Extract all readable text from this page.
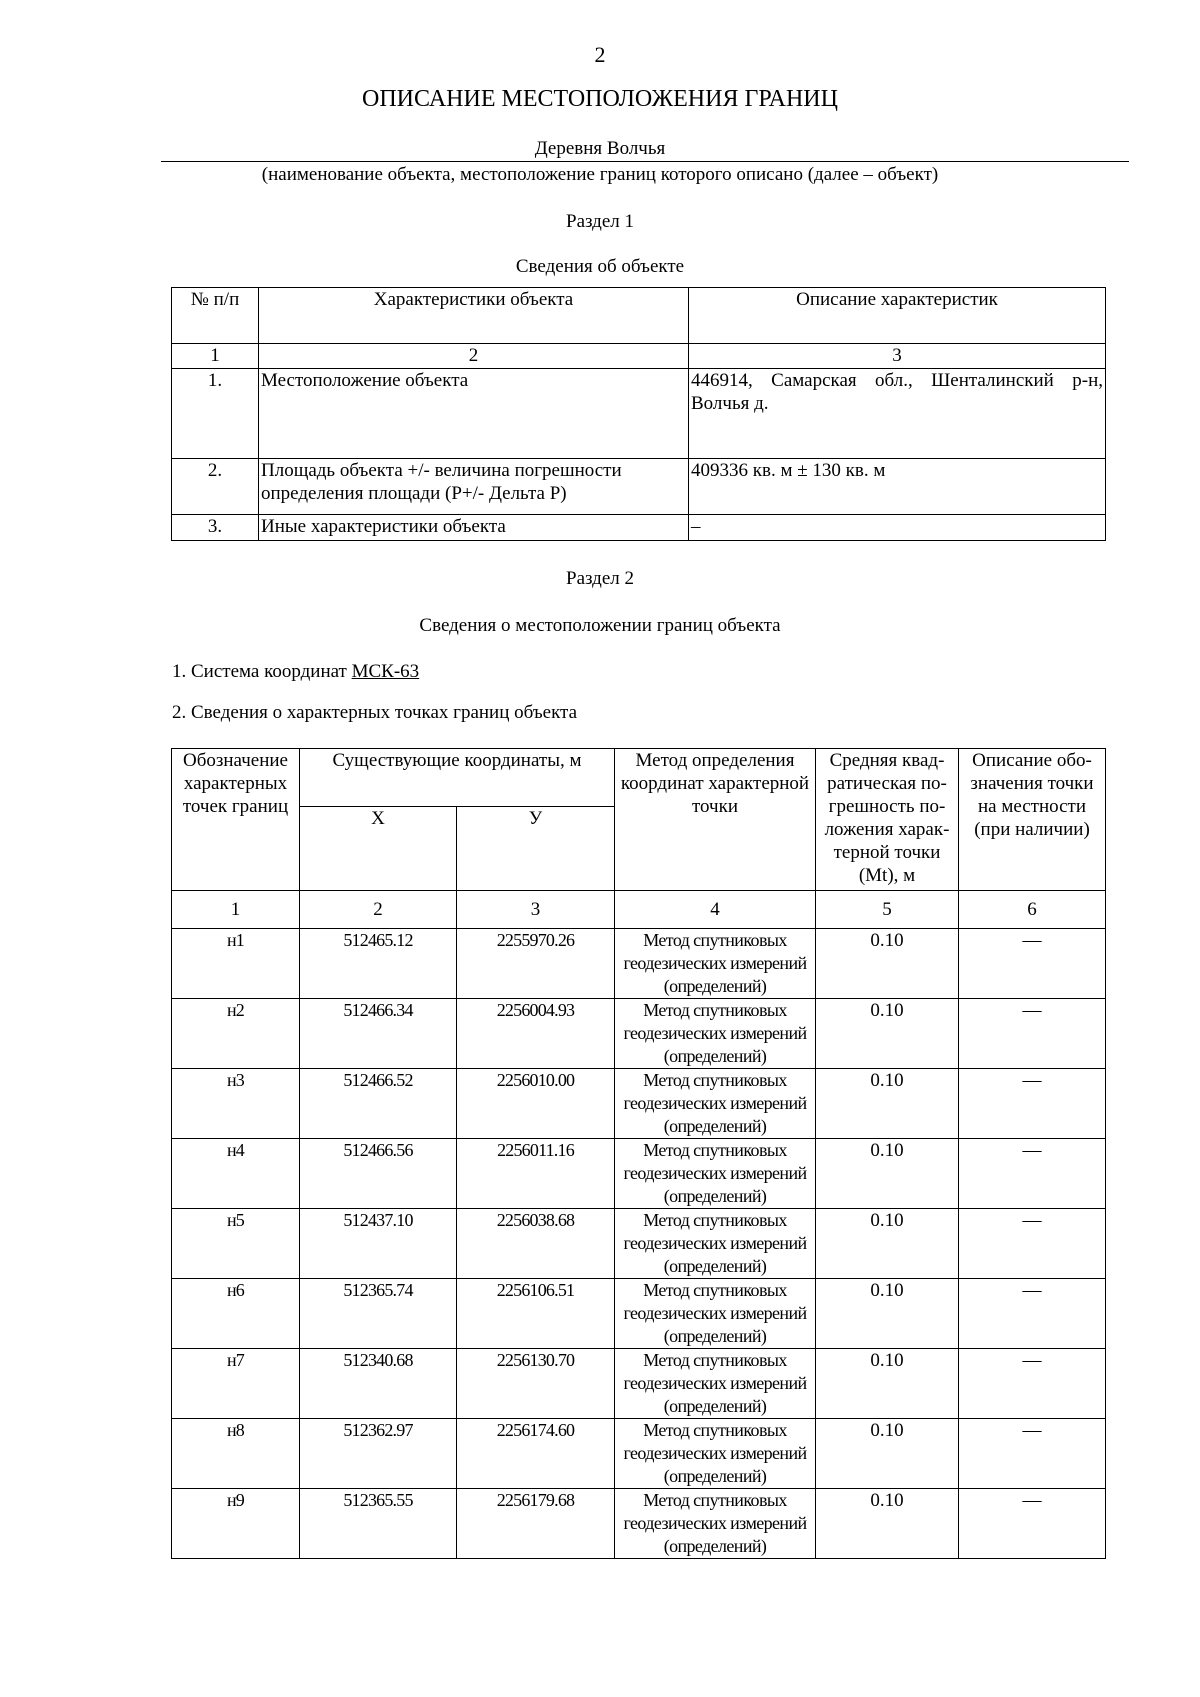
2
ОПИСАНИЕ МЕСТОПОЛОЖЕНИЯ ГРАНИЦ
Деревня Волчья
(наименование объекта, местоположение границ которого описано (далее – объект)
Раздел 1
Сведения об объекте
№ п/п	Характеристики объекта	Описание характеристик
1	2	3
1.	Местоположение объекта	446914, Самарская обл., Шенталинский р-н, Волчья д.
2.	Площадь объекта +/- величина погрешности определения площади (Р+/- Дельта Р)	409336 кв. м ± 130 кв. м
3.	Иные характеристики объекта	–
Раздел 2
Сведения о местоположении границ объекта
1. Система координат МСК-63
2. Сведения о характерных точках границ объекта
Обозначение характерных точек границ	Существующие координаты, м		Метод определения координат характерной точки	Средняя квадратическая погрешность положения характерной точки (Mt), м	Описание обозначения точки на местности (при наличии)
	X	У			
1	2	3	4	5	6
н1	512465.12	2255970.26	Метод спутниковых геодезических измерений (определений)	0.10	—
н2	512466.34	2256004.93	Метод спутниковых геодезических измерений (определений)	0.10	—
н3	512466.52	2256010.00	Метод спутниковых геодезических измерений (определений)	0.10	—
н4	512466.56	2256011.16	Метод спутниковых геодезических измерений (определений)	0.10	—
н5	512437.10	2256038.68	Метод спутниковых геодезических измерений (определений)	0.10	—
н6	512365.74	2256106.51	Метод спутниковых геодезических измерений (определений)	0.10	—
н7	512340.68	2256130.70	Метод спутниковых геодезических измерений (определений)	0.10	—
н8	512362.97	2256174.60	Метод спутниковых геодезических измерений (определений)	0.10	—
н9	512365.55	2256179.68	Метод спутниковых геодезических измерений (определений)	0.10	—
